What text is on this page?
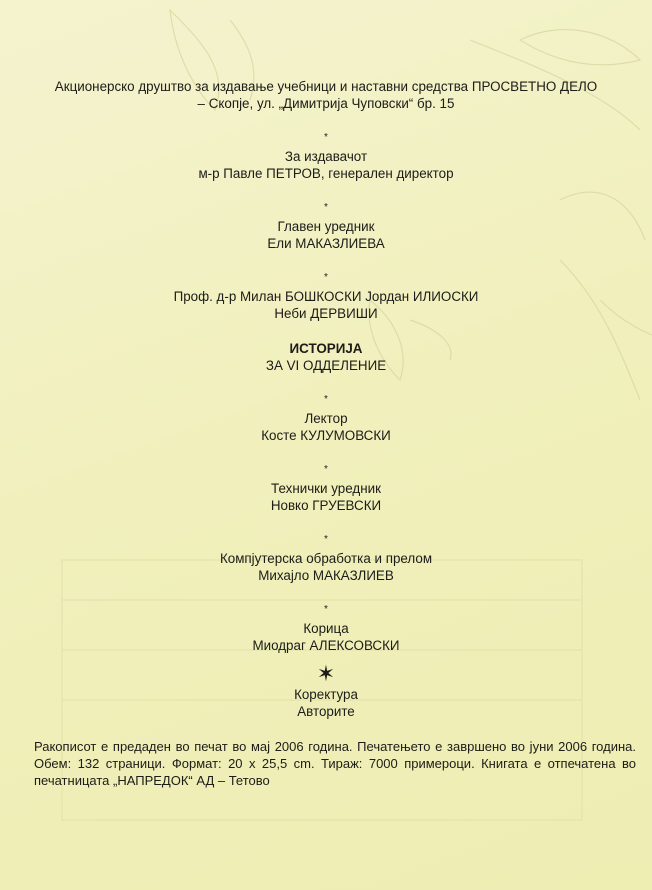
Акционерско друштво за издавање учебници и наставни средства ПРОСВЕТНО ДЕЛО
– Скопје, ул. „Димитрија Чуповски“ бр. 15
*
За издавачот
м-р Павле ПЕТРОВ, генерален директор
*
Главен уредник
Ели МАКАЗЛИЕВА
*
Проф. д-р Милан БОШКОСКИ Јордан ИЛИОСКИ
Неби ДЕРВИШИ
ИСТОРИЈА
ЗА VI ОДДЕЛЕНИЕ
*
Лектор
Косте КУЛУМОВСКИ
*
Технички уредник
Новко ГРУЕВСКИ
*
Компјутерска обработка и прелом
Михајло МАКАЗЛИЕВ
*
Корица
Миодраг АЛЕКСОВСКИ
✶
Коректура
Авторите
Ракописот е предаден во печат во мај 2006 година. Печатењето е завршено во јуни 2006 година. Обем: 132 страници. Формат: 20 х 25,5 cm. Тираж: 7000 примероци. Книгата е отпечатена во печатницата „НАПРЕДОК“ АД – Тетово
